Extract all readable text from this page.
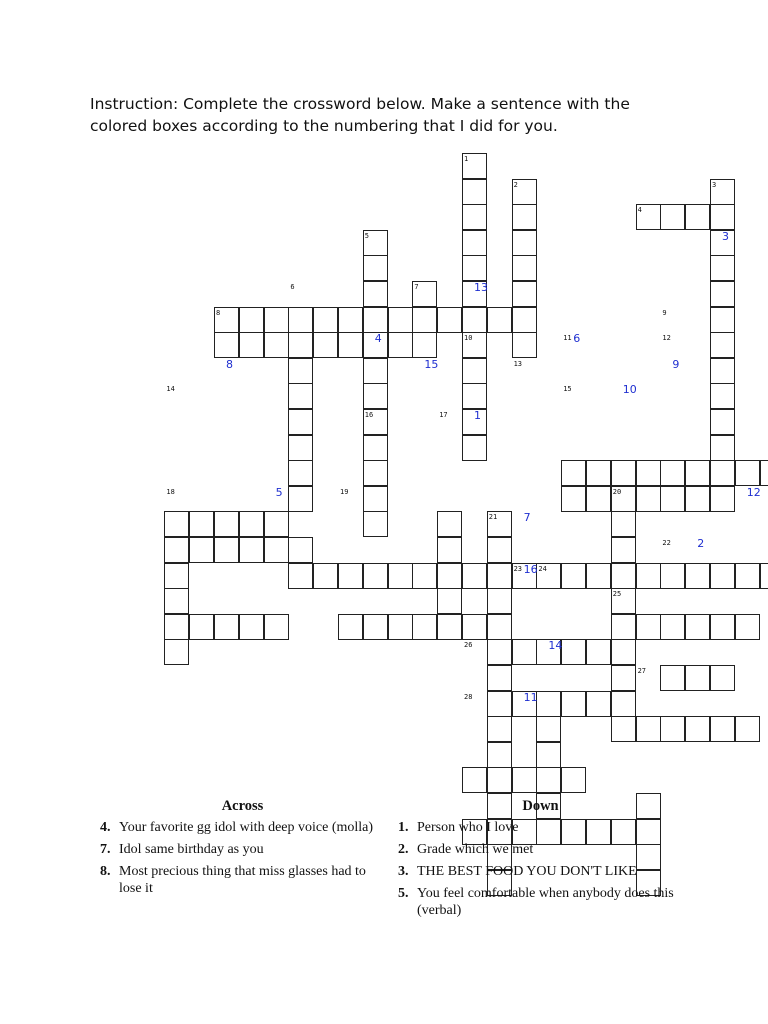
Instruction: Complete the crossword below. Make a sentence with the colored boxes according to the numbering that I did for you.

1
2	3
4
5
6	7
8	9
10	11	12
13
14	15
16	17
18	19	20
21
22
23 24
25
26
27
28
1
2
3
4
5
6
7
8	9
10
11
12
13
14
15
16
Across
4. Your favorite gg idol with deep voice (molla)
7. Idol same birthday as you
8. Most precious thing that miss glasses had to lose it
Down
1. Person who I love
2. Grade which we met
3. THE BEST FOOD YOU DON'T LIKE
5. You feel comfortable when anybody does this (verbal)
